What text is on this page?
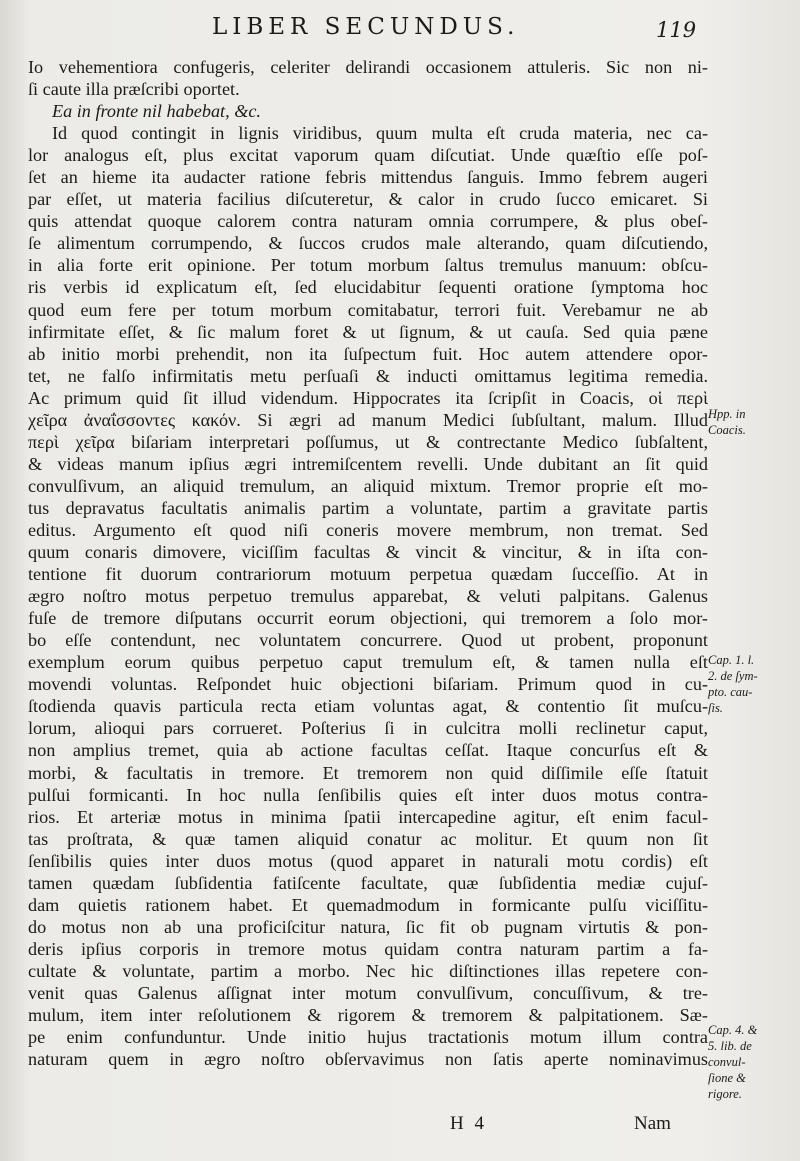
LIBER SECUNDUS.	119
Io vehementiora confugeris, celeriter delirandi occasionem attuleris. Sic non ni-
ſi caute illa præſcribi oportet.
Ea in fronte nil habebat, &c.
Id quod contingit in lignis viridibus, quum multa eſt cruda materia, nec ca-
lor analogus eſt, plus excitat vaporum quam diſcutiat. Unde quæſtio eſſe poſ-
ſet an hieme ita audacter ratione febris mittendus ſanguis. Immo febrem augeri
par eſſet, ut materia facilius diſcuteretur, & calor in crudo ſucco emicaret. Si
quis attendat quoque calorem contra naturam omnia corrumpere, & plus obeſ-
ſe alimentum corrumpendo, & ſuccos crudos male alterando, quam diſcutiendo,
in alia forte erit opinione. Per totum morbum ſaltus tremulus manuum: obſcu-
ris verbis id explicatum eſt, ſed elucidabitur ſequenti oratione ſymptoma hoc
quod eum fere per totum morbum comitabatur, terrori fuit. Verebamur ne ab
infirmitate eſſet, & ſic malum foret & ut ſignum, & ut cauſa. Sed quia pæne
ab initio morbi prehendit, non ita ſuſpectum fuit. Hoc autem attendere opor-
tet, ne falſo infirmitatis metu perſuaſi & inducti omittamus legitima remedia.
Ac primum quid ſit illud videndum. Hippocrates ita ſcripſit in Coacis, οἱ περὶ
χεῖρα ἀναΐσσοντες κακόν. Si ægri ad manum Medici ſubſultant, malum. Illud
περὶ χεῖρα biſariam interpretari poſſumus, ut & contrectante Medico ſubſaltent,
& videas manum ipſius ægri intremiſcentem revelli. Unde dubitant an ſit quid
convulſivum, an aliquid tremulum, an aliquid mixtum. Tremor proprie eſt mo-
tus depravatus facultatis animalis partim a voluntate, partim a gravitate partis
editus. Argumento eſt quod niſi coneris movere membrum, non tremat. Sed
quum conaris dimovere, viciſſim facultas & vincit & vincitur, & in iſta con-
tentione fit duorum contrariorum motuum perpetua quædam ſucceſſio. At in
ægro noſtro motus perpetuo tremulus apparebat, & veluti palpitans. Galenus
fuſe de tremore diſputans occurrit eorum objectioni, qui tremorem a ſolo mor-
bo eſſe contendunt, nec voluntatem concurrere. Quod ut probent, proponunt
exemplum eorum quibus perpetuo caput tremulum eſt, & tamen nulla eſt
movendi voluntas. Reſpondet huic objectioni biſariam. Primum quod in cu-
ſtodienda quavis particula recta etiam voluntas agat, & contentio ſit muſcu-
lorum, alioqui pars corrueret. Poſterius ſi in culcitra molli reclinetur caput,
non amplius tremet, quia ab actione facultas ceſſat. Itaque concurſus eſt &
morbi, & facultatis in tremore. Et tremorem non quid diſſimile eſſe ſtatuit
pulſui formicanti. In hoc nulla ſenſibilis quies eſt inter duos motus contra-
rios. Et arteriæ motus in minima ſpatii intercapedine agitur, eſt enim facul-
tas proſtrata, & quæ tamen aliquid conatur ac molitur. Et quum non ſit
ſenſibilis quies inter duos motus (quod apparet in naturali motu cordis) eſt
tamen quædam ſubſidentia fatiſcente facultate, quæ ſubſidentia mediæ cujuſ-
dam quietis rationem habet. Et quemadmodum in formicante pulſu viciſſitu-
do motus non ab una proficiſcitur natura, ſic fit ob pugnam virtutis & pon-
deris ipſius corporis in tremore motus quidam contra naturam partim a fa-
cultate & voluntate, partim a morbo. Nec hic diſtinctiones illas repetere con-
venit quas Galenus aſſignat inter motum convulſivum, concuſſivum, & tre-
mulum, item inter reſolutionem & rigorem & tremorem & palpitationem. Sæ-
pe enim confunduntur. Unde initio hujus tractationis motum illum contra
naturam quem in ægro noſtro obſervavimus non ſatis aperte nominavimus
Hpp. in
Coacis.
Cap. 1. l.
2. de ſym-
pto. cau-
ſis.
Cap. 4. &
5. lib. de
convul-
ſione &
rigore.
H 4	Nam
